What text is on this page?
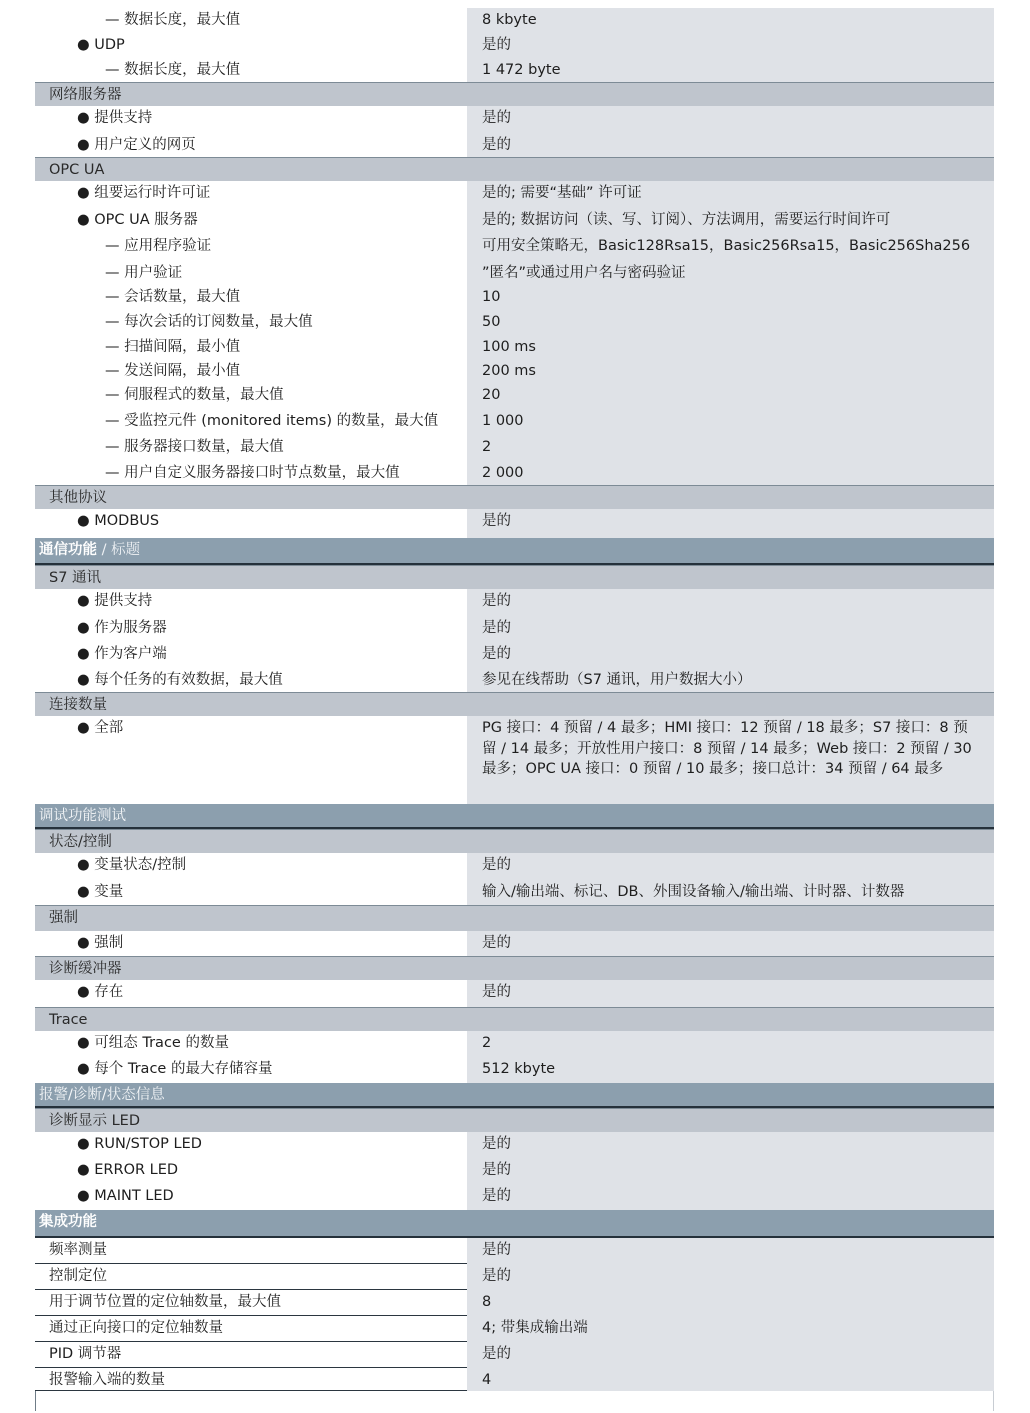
— 数据长度，最大值	8 kbyte
● UDP	是的
— 数据长度，最大值	1 472 byte
网络服务器
● 提供支持	是的
● 用户定义的网页	是的
OPC UA
● 组要运行时许可证	是的; 需要“基础” 许可证
● OPC UA 服务器	是的; 数据访问（读、写、订阅）、方法调用，需要运行时间许可
— 应用程序验证	可用安全策略无，Basic128Rsa15，Basic256Rsa15，Basic256Sha256
— 用户验证	”匿名”或通过用户名与密码验证
— 会话数量，最大值	10
— 每次会话的订阅数量，最大值	50
— 扫描间隔，最小值	100 ms
— 发送间隔，最小值	200 ms
— 伺服程式的数量，最大值	20
— 受监控元件 (monitored items) 的数量，最大值	1 000
— 服务器接口数量，最大值	2
— 用户自定义服务器接口时节点数量，最大值	2 000
其他协议
● MODBUS	是的
通信功能 / 标题
S7 通讯
● 提供支持	是的
● 作为服务器	是的
● 作为客户端	是的
● 每个任务的有效数据，最大值	参见在线帮助（S7 通讯，用户数据大小）
连接数量
● 全部	PG 接口：4 预留 / 4 最多；HMI 接口：12 预留 / 18 最多；S7 接口：8 预留 / 14 最多；开放性用户接口：8 预留 / 14 最多；Web 接口：2 预留 / 30 最多；OPC UA 接口：0 预留 / 10 最多；接口总计：34 预留 / 64 最多
调试功能测试
状态/控制
● 变量状态/控制	是的
● 变量	输入/输出端、标记、DB、外围设备输入/输出端、计时器、计数器
强制
● 强制	是的
诊断缓冲器
● 存在	是的
Trace
● 可组态 Trace 的数量	2
● 每个 Trace 的最大存储容量	512 kbyte
报警/诊断/状态信息
诊断显示 LED
● RUN/STOP LED	是的
● ERROR LED	是的
● MAINT LED	是的
集成功能
频率测量	是的
控制定位	是的
用于调节位置的定位轴数量，最大值	8
通过正向接口的定位轴数量	4; 带集成输出端
PID 调节器	是的
报警输入端的数量	4
